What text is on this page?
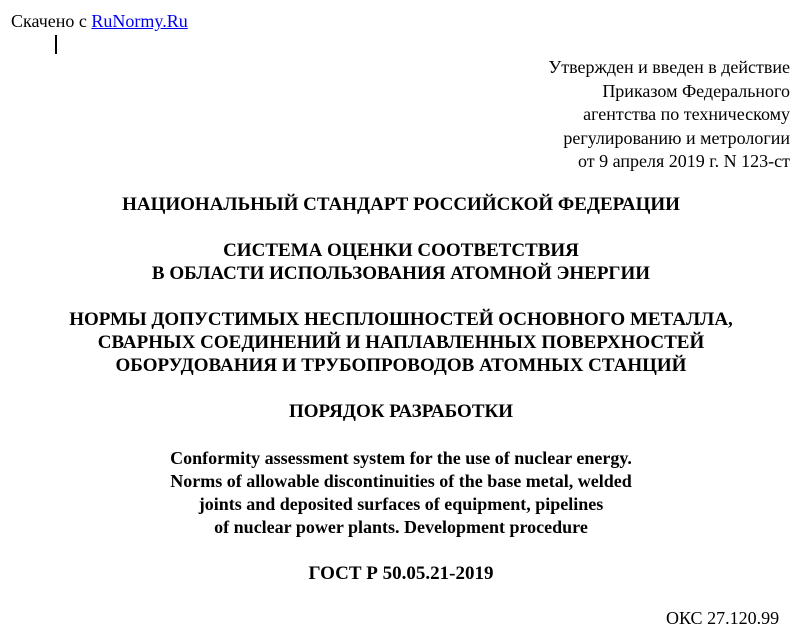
Скачено с RuNormy.Ru
Утвержден и введен в действие
Приказом Федерального
агентства по техническому
регулированию и метрологии
от 9 апреля 2019 г. N 123-ст
НАЦИОНАЛЬНЫЙ СТАНДАРТ РОССИЙСКОЙ ФЕДЕРАЦИИ
СИСТЕМА ОЦЕНКИ СООТВЕТСТВИЯ
В ОБЛАСТИ ИСПОЛЬЗОВАНИЯ АТОМНОЙ ЭНЕРГИИ
НОРМЫ ДОПУСТИМЫХ НЕСПЛОШНОСТЕЙ ОСНОВНОГО МЕТАЛЛА,
СВАРНЫХ СОЕДИНЕНИЙ И НАПЛАВЛЕННЫХ ПОВЕРХНОСТЕЙ
ОБОРУДОВАНИЯ И ТРУБОПРОВОДОВ АТОМНЫХ СТАНЦИЙ
ПОРЯДОК РАЗРАБОТКИ
Conformity assessment system for the use of nuclear energy.
Norms of allowable discontinuities of the base metal, welded
joints and deposited surfaces of equipment, pipelines
of nuclear power plants. Development procedure
ГОСТ Р 50.05.21-2019
ОКС 27.120.99
